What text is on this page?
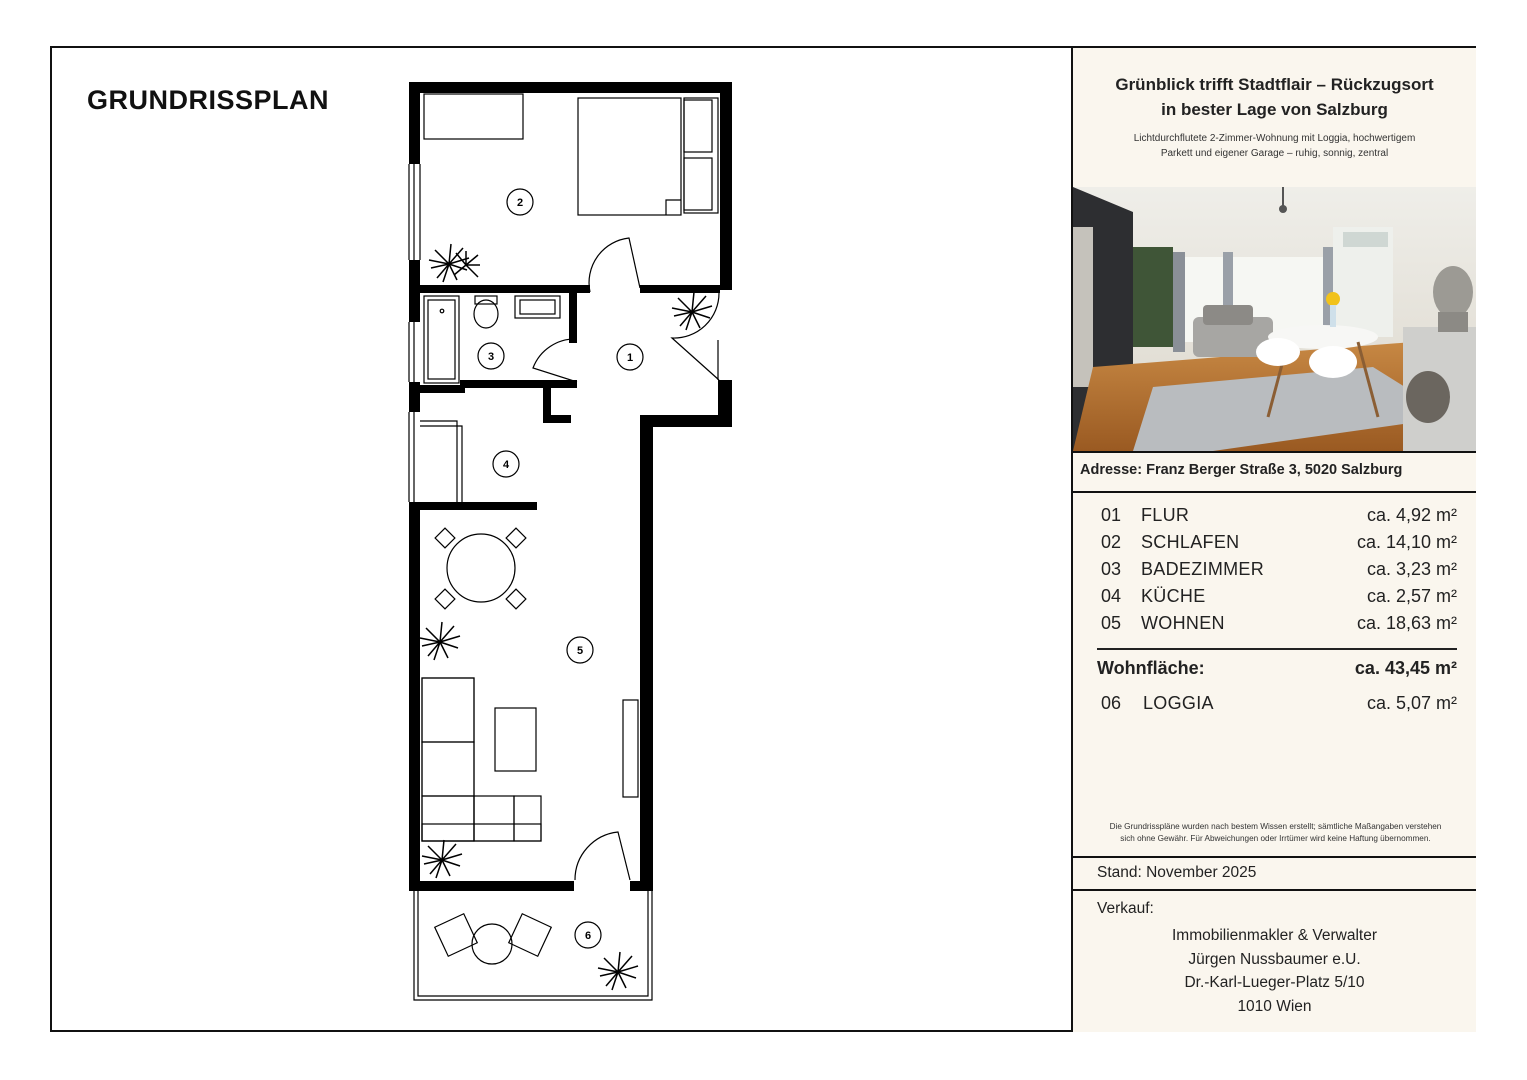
GRUNDRISSPLAN
2
1
3
4
5
6
Grünblick trifft Stadtflair – Rückzugsort
in bester Lage von Salzburg
Lichtdurchflutete 2-Zimmer-Wohnung mit Loggia, hochwertigem
Parkett und eigener Garage – ruhig, sonnig, zentral
Adresse: Franz Berger Straße 3, 5020 Salzburg
01 FLUR	ca. 4,92 m²
02 SCHLAFEN	ca. 14,10 m²
03 BADEZIMMER	ca. 3,23 m²
04 KÜCHE	ca. 2,57 m²
05 WOHNEN	ca. 18,63 m²
Wohnfläche:	ca. 43,45 m²
06 LOGGIA	ca. 5,07 m²
Die Grundrisspläne wurden nach bestem Wissen erstellt; sämtliche Maßangaben verstehen
sich ohne Gewähr. Für Abweichungen oder Irrtümer wird keine Haftung übernommen.
Stand: November 2025
Verkauf:
Immobilienmakler & Verwalter
Jürgen Nussbaumer e.U.
Dr.-Karl-Lueger-Platz 5/10
1010 Wien
